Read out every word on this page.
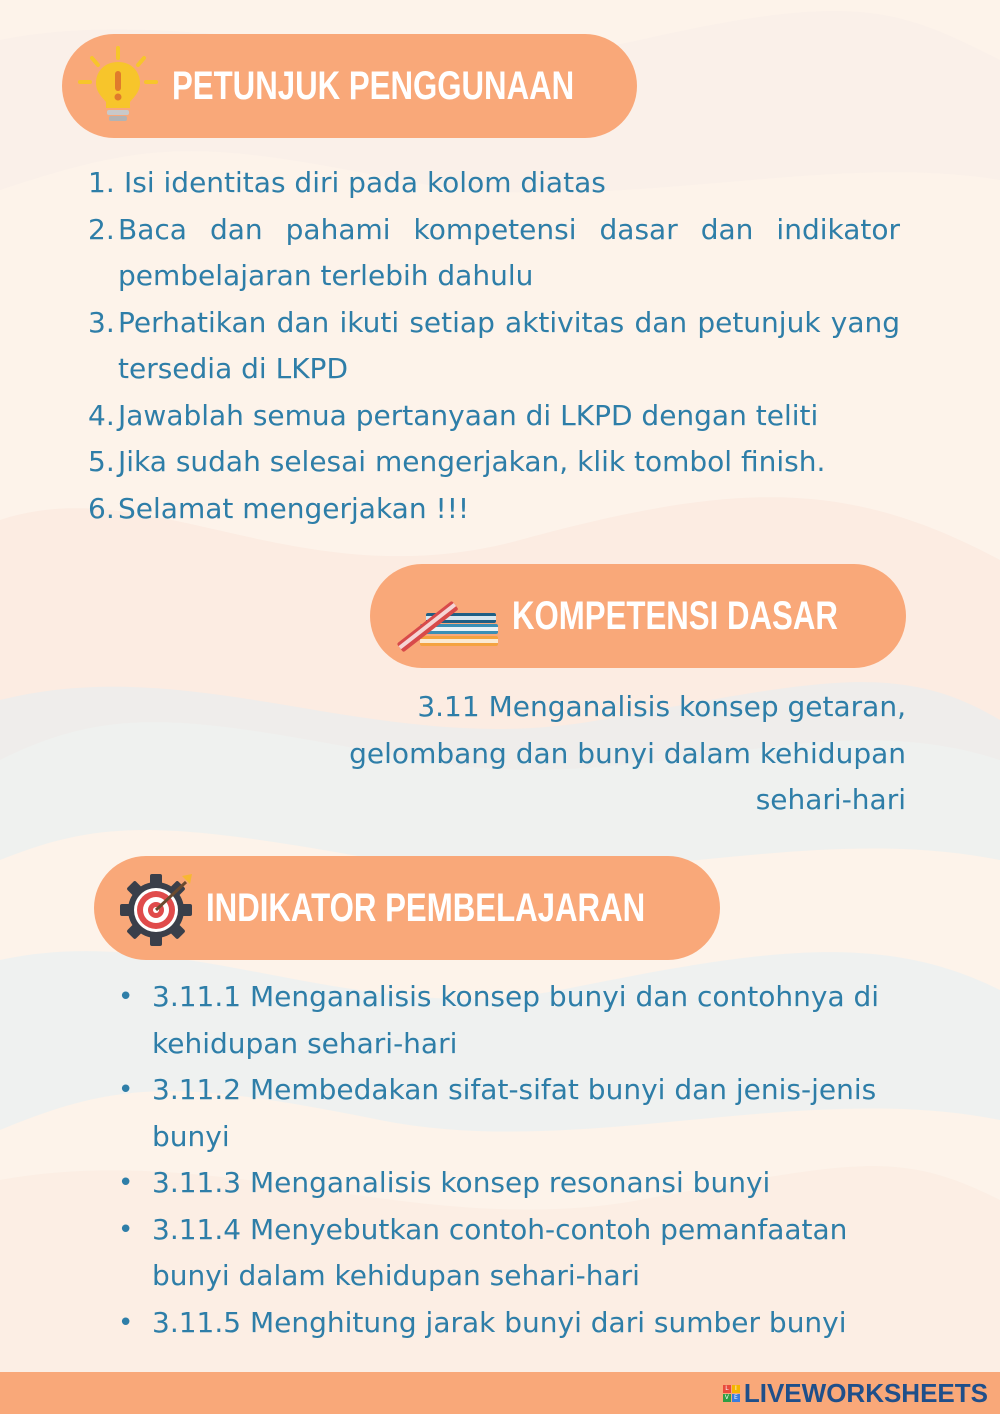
PETUNJUK PENGGUNAAN
1. Isi identitas diri pada kolom diatas
2. Baca dan pahami kompetensi dasar dan indikator pembelajaran terlebih dahulu
3. Perhatikan dan ikuti setiap aktivitas dan petunjuk yang tersedia di LKPD
4. Jawablah semua pertanyaan di LKPD dengan teliti
5. Jika sudah selesai mengerjakan, klik tombol finish.
6. Selamat mengerjakan !!!
KOMPETENSI DASAR
3.11 Menganalisis konsep getaran, gelombang dan bunyi dalam kehidupan sehari-hari
INDIKATOR PEMBELAJARAN
• 3.11.1 Menganalisis konsep bunyi dan contohnya di kehidupan sehari-hari
• 3.11.2 Membedakan sifat-sifat bunyi dan jenis-jenis bunyi
• 3.11.3 Menganalisis konsep resonansi bunyi
• 3.11.4 Menyebutkan contoh-contoh pemanfaatan bunyi dalam kehidupan sehari-hari
• 3.11.5 Menghitung jarak bunyi dari sumber bunyi
L	I
V E LIVEWORKSHEETS
